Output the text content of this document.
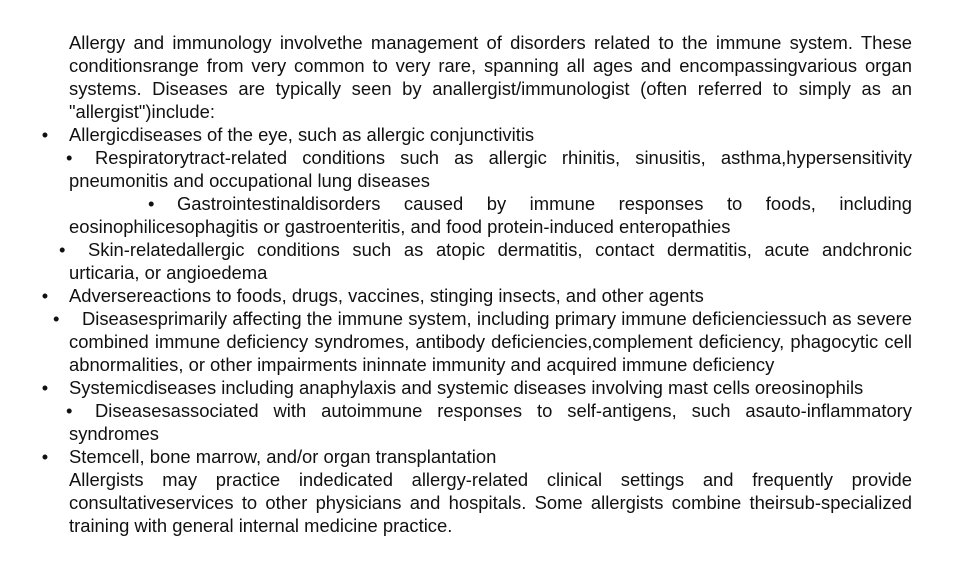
Allergy and immunology involvethe management of disorders related to the immune system. These conditionsrange from very common to very rare, spanning all ages and encompassingvarious organ systems. Diseases are typically seen by anallergist/immunologist (often referred to simply as an "allergist")include:

• Allergicdiseases of the eye, such as allergic conjunctivitis
• Respiratorytract-related conditions such as allergic rhinitis, sinusitis, asthma,hypersensitivity pneumonitis and occupational lung diseases
• Gastrointestinaldisorders caused by immune responses to foods, including eosinophilicesophagitis or gastroenteritis, and food protein-induced enteropathies
• Skin-relatedallergic conditions such as atopic dermatitis, contact dermatitis, acute andchronic urticaria, or angioedema
• Adversereactions to foods, drugs, vaccines, stinging insects, and other agents
• Diseasesprimarily affecting the immune system, including primary immune deficienciessuch as severe combined immune deficiency syndromes, antibody deficiencies,complement deficiency, phagocytic cell abnormalities, or other impairments ininnate immunity and acquired immune deficiency
• Systemicdiseases including anaphylaxis and systemic diseases involving mast cells oreosinophils
• Diseasesassociated with autoimmune responses to self-antigens, such asauto-inflammatory syndromes
• Stemcell, bone marrow, and/or organ transplantation

Allergists may practice indedicated allergy-related clinical settings and frequently provide consultativeservices to other physicians and hospitals. Some allergists combine theirsub-specialized training with general internal medicine practice.
